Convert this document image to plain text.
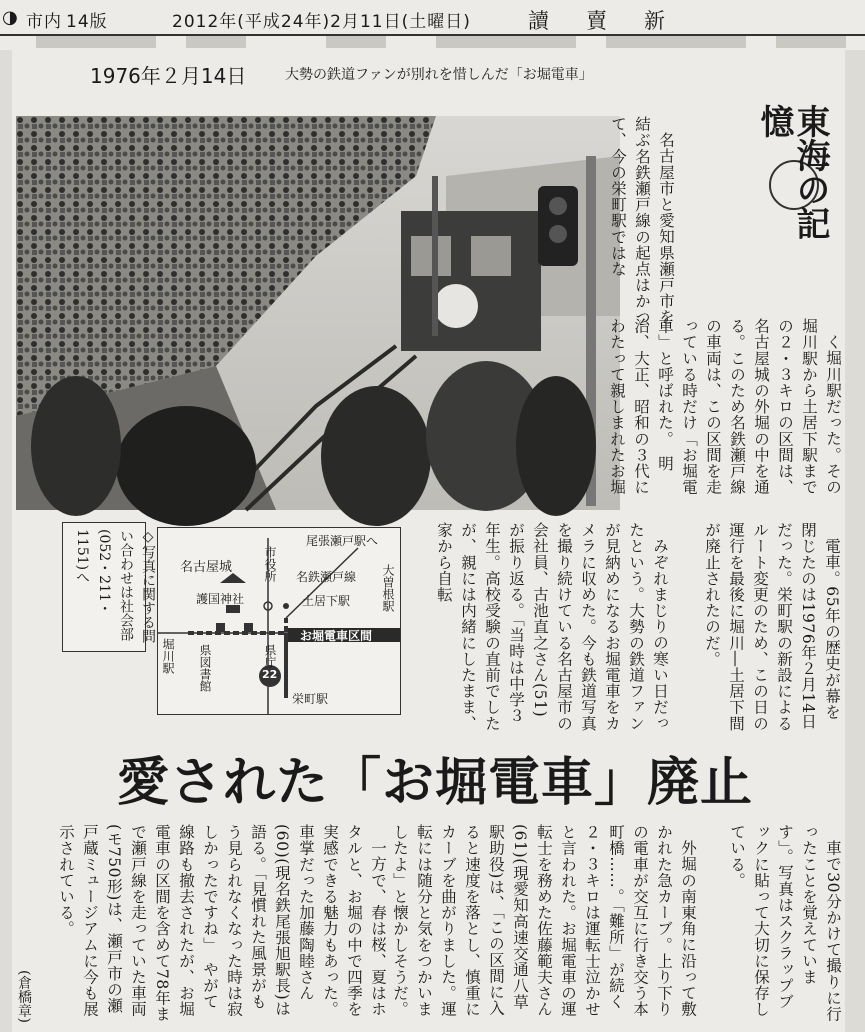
◑ 市内 14版	2012年(平成24年)2月11日(土曜日)	讀　賣　新
1976年２月14日	大勢の鉄道ファンが別れを惜しんだ「お堀電車」
東海の記憶

名古屋市と愛知県瀬戸市を結ぶ名鉄瀬戸線の起点はかつて、今の栄町駅ではな

く堀川駅だった。その堀川駅から土居下駅までの２・３キロの区間は、名古屋城の外堀の中を通る。このため名鉄瀬戸線の車両は、この区間を走っている時だけ「お堀電車」と呼ばれた。　明治、大正、昭和の３代にわたって親しまれたお堀

電車。65年の歴史が幕を閉じたのは1976年２月14日だった。栄町駅の新設によるルート変更のため、この日の運行を最後に堀川―土居下間が廃止されたのだ。

みぞれまじりの寒い日だったという。大勢の鉄道ファンが見納めになるお堀電車をカメラに収めた。今も鉄道写真を撮り続けている名古屋市の会社員、古池直之さん(51)が振り返る。「当時は中学３年生。高校受験の直前でしたが、親には内緒にしたまま、家から自転

尾張瀬戸駅へ
名古屋城
護国神社
市役所 名鉄瀬戸線 大曽根駅
土居下駅
堀川駅	県図書館	県庁
栄町駅
お堀電車区間
22
◇写真に関する問い合わせは社会部(052・211・1151)へ
愛された「お堀電車」廃止

車で30分かけて撮りに行ったことを覚えています」。写真はスクラップブックに貼って大切に保存している。

外堀の南東角に沿って敷かれた急カーブ。上り下りの電車が交互に行き交う本町橋……。「難所」が続く２・３キロは運転士泣かせと言われた。お堀電車の運転士を務めた佐藤範夫さん(61)(現愛知高速交通八草駅助役)は、「この区間に入ると速度を落とし、慎重にカーブを曲がりました。運転には随分と気をつかいましたよ」と懐かしそうだ。

一方で、春は桜、夏はホタルと、お堀の中で四季を実感できる魅力もあった。車掌だった加藤陶睦さん(60)(現名鉄尾張旭駅長)は語る。「見慣れた風景がもう見られなくなった時は寂しかったですね」　やがて線路も撤去されたが、お堀電車の区間を含めて78年まで瀬戸線を走っていた車両(モ750形)は、瀬戸市の瀬戸蔵ミュージアムに今も展示されている。

(倉橋章)
